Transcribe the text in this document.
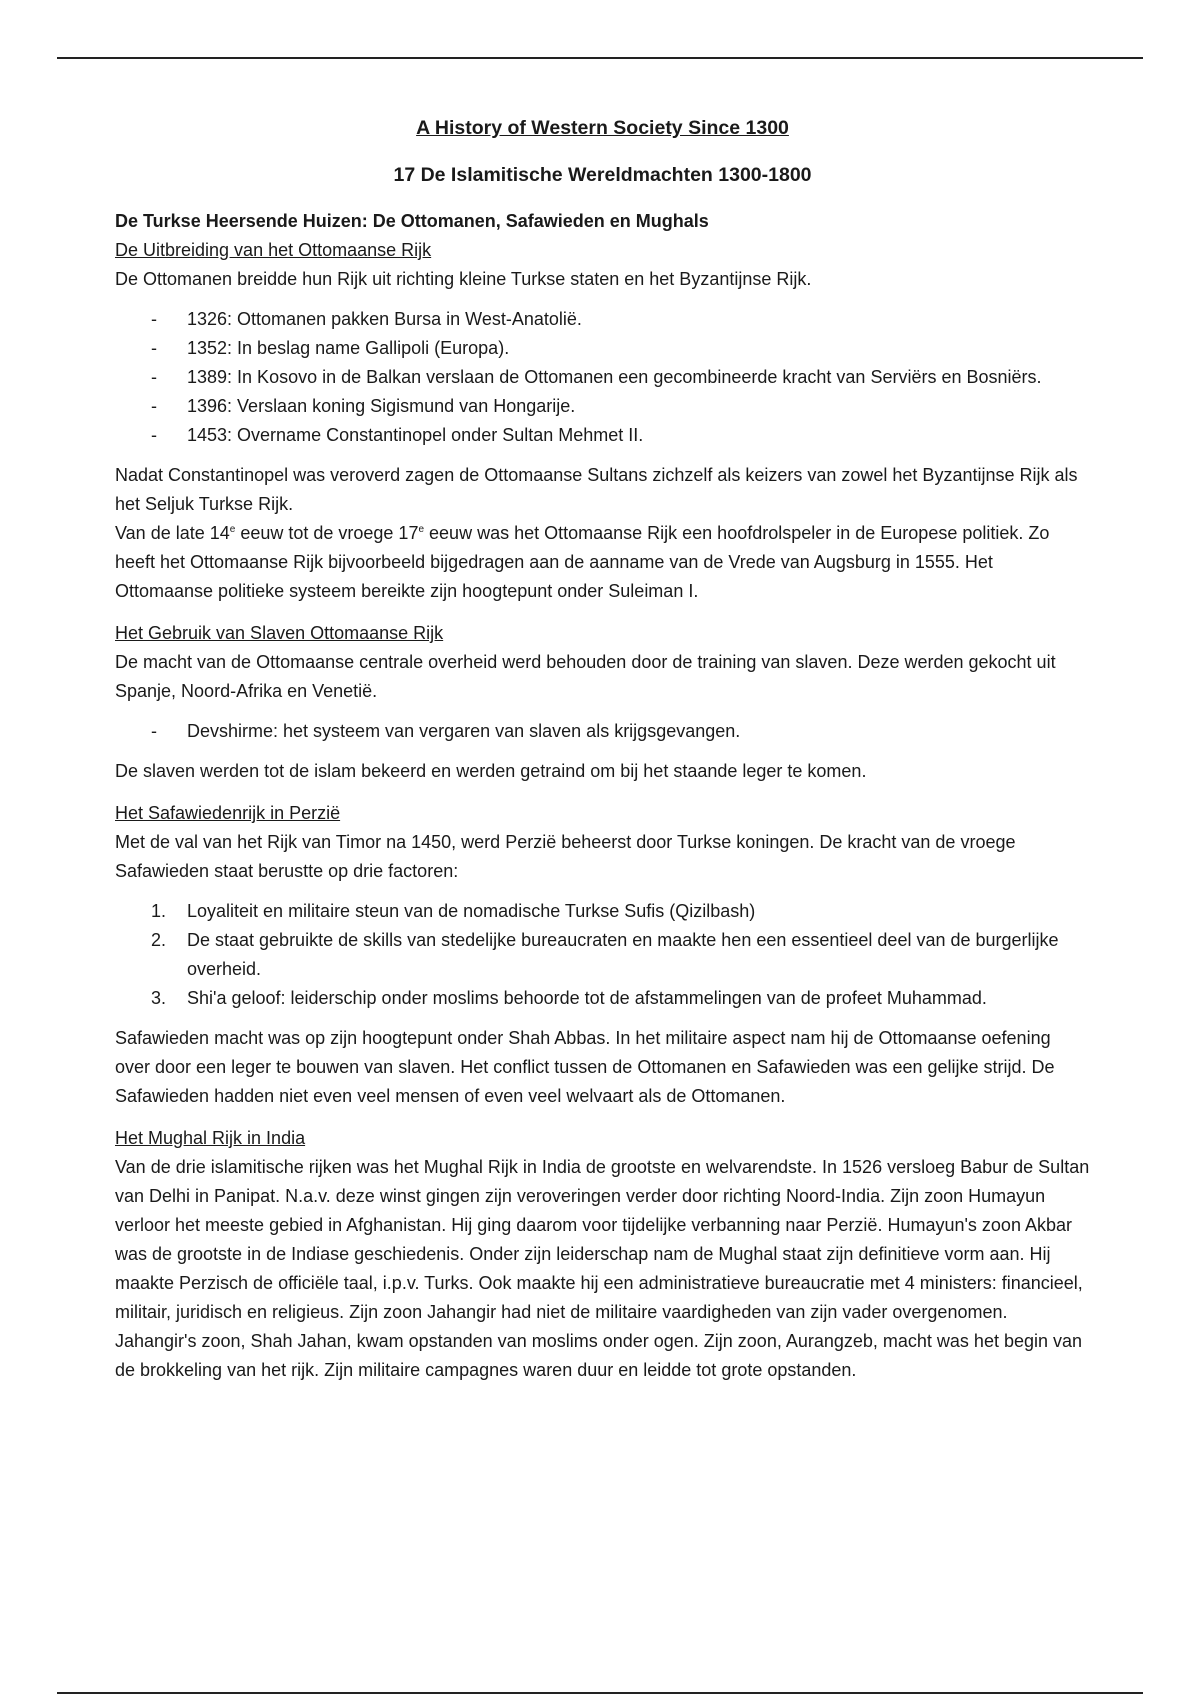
A History of Western Society Since 1300
17 De Islamitische Wereldmachten 1300-1800
De Turkse Heersende Huizen: De Ottomanen, Safawieden en Mughals
De Uitbreiding van het Ottomaanse Rijk

De Ottomanen breidde hun Rijk uit richting kleine Turkse staten en het Byzantijnse Rijk.

- 1326: Ottomanen pakken Bursa in West-Anatolië.
- 1352: In beslag name Gallipoli (Europa).
- 1389: In Kosovo in de Balkan verslaan de Ottomanen een gecombineerde kracht van Serviërs en Bosniërs.
- 1396: Verslaan koning Sigismund van Hongarije.
- 1453: Overname Constantinopel onder Sultan Mehmet II.

Nadat Constantinopel was veroverd zagen de Ottomaanse Sultans zichzelf als keizers van zowel het Byzantijnse Rijk als het Seljuk Turkse Rijk.

Van de late 14e eeuw tot de vroege 17e eeuw was het Ottomaanse Rijk een hoofdrolspeler in de Europese politiek. Zo heeft het Ottomaanse Rijk bijvoorbeeld bijgedragen aan de aanname van de Vrede van Augsburg in 1555. Het Ottomaanse politieke systeem bereikte zijn hoogtepunt onder Suleiman I.

Het Gebruik van Slaven Ottomaanse Rijk

De macht van de Ottomaanse centrale overheid werd behouden door de training van slaven. Deze werden gekocht uit Spanje, Noord-Afrika en Venetië.

- Devshirme: het systeem van vergaren van slaven als krijgsgevangen.

De slaven werden tot de islam bekeerd en werden getraind om bij het staande leger te komen.

Het Safawiedenrijk in Perzië

Met de val van het Rijk van Timor na 1450, werd Perzië beheerst door Turkse koningen. De kracht van de vroege Safawieden staat berustte op drie factoren:

1. Loyaliteit en militaire steun van de nomadische Turkse Sufis (Qizilbash)
2. De staat gebruikte de skills van stedelijke bureaucraten en maakte hen een essentieel deel van de burgerlijke overheid.
3. Shi'a geloof: leiderschip onder moslims behoorde tot de afstammelingen van de profeet Muhammad.

Safawieden macht was op zijn hoogtepunt onder Shah Abbas. In het militaire aspect nam hij de Ottomaanse oefening over door een leger te bouwen van slaven. Het conflict tussen de Ottomanen en Safawieden was een gelijke strijd. De Safawieden hadden niet even veel mensen of even veel welvaart als de Ottomanen.

Het Mughal Rijk in India

Van de drie islamitische rijken was het Mughal Rijk in India de grootste en welvarendste. In 1526 versloeg Babur de Sultan van Delhi in Panipat. N.a.v. deze winst gingen zijn veroveringen verder door richting Noord-India. Zijn zoon Humayun verloor het meeste gebied in Afghanistan. Hij ging daarom voor tijdelijke verbanning naar Perzië. Humayun's zoon Akbar was de grootste in de Indiase geschiedenis. Onder zijn leiderschap nam de Mughal staat zijn definitieve vorm aan. Hij maakte Perzisch de officiële taal, i.p.v. Turks. Ook maakte hij een administratieve bureaucratie met 4 ministers: financieel, militair, juridisch en religieus. Zijn zoon Jahangir had niet de militaire vaardigheden van zijn vader overgenomen. Jahangir's zoon, Shah Jahan, kwam opstanden van moslims onder ogen. Zijn zoon, Aurangzeb, macht was het begin van de brokkeling van het rijk. Zijn militaire campagnes waren duur en leidde tot grote opstanden.
